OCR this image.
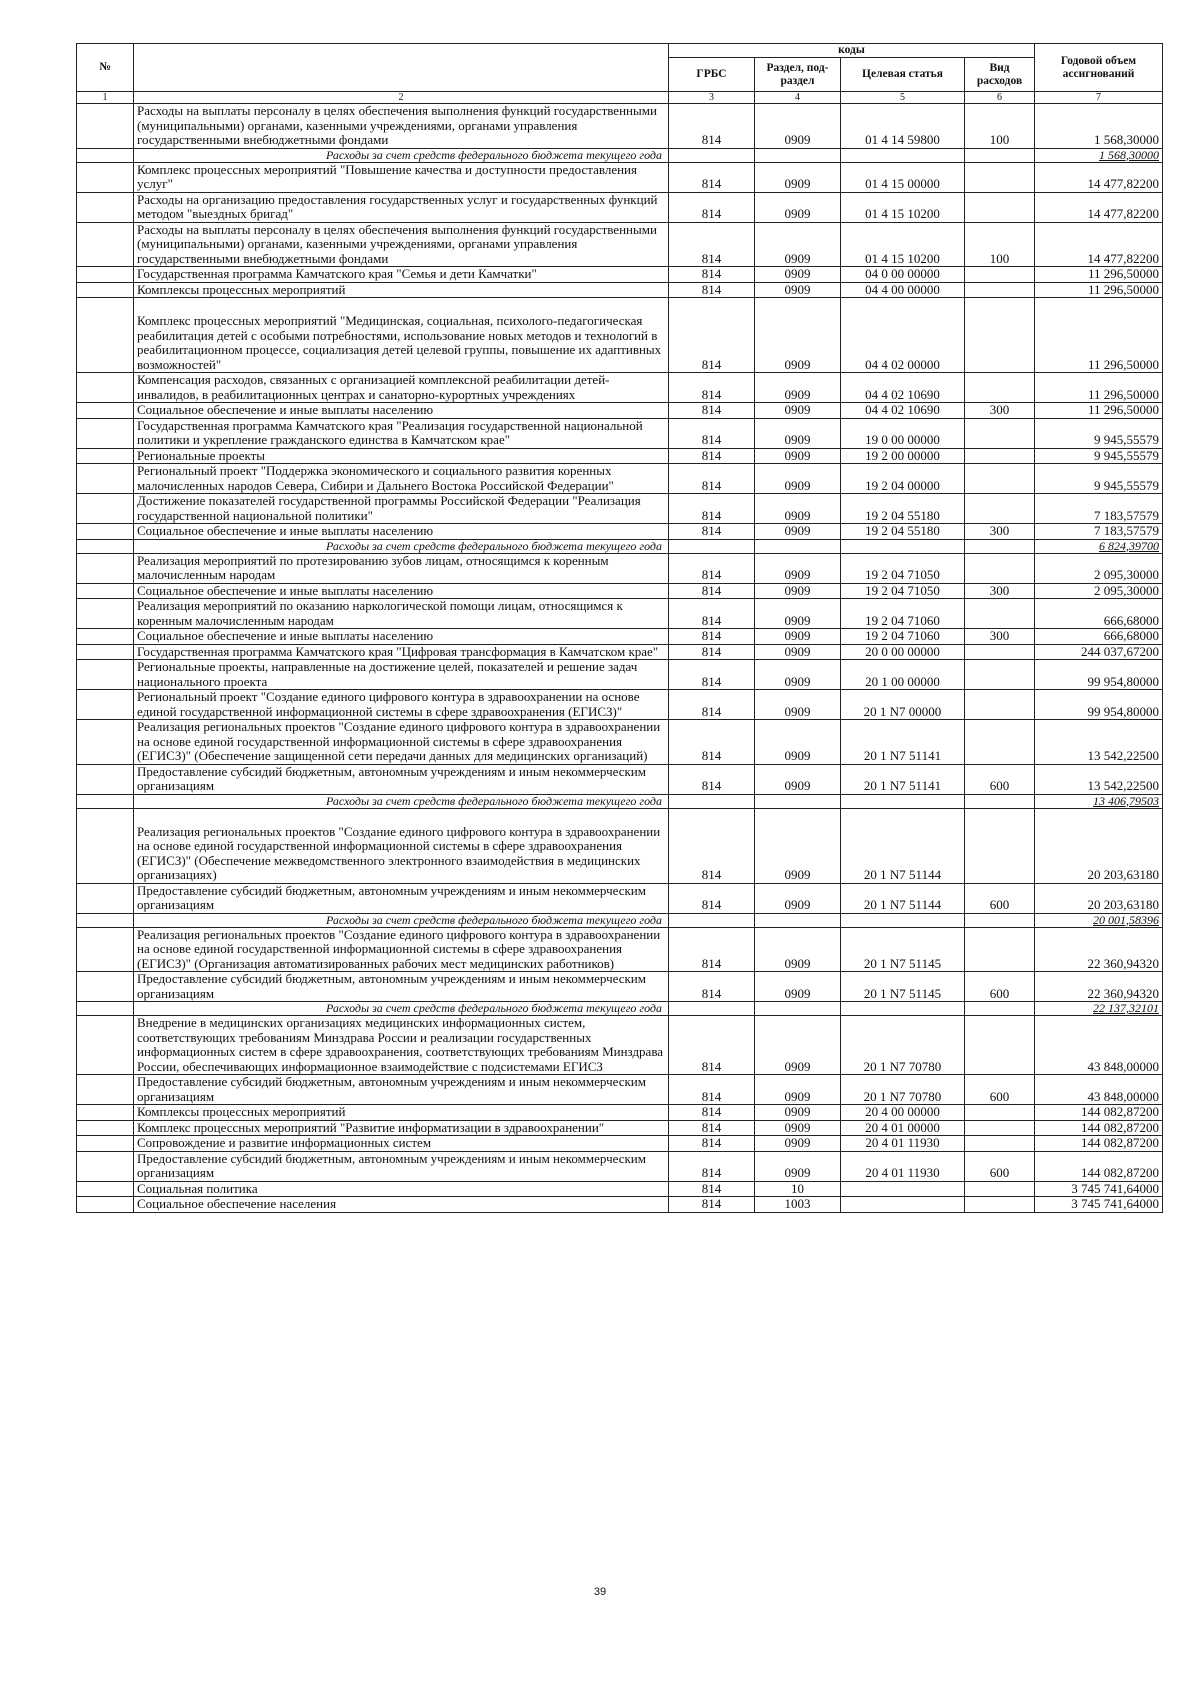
№		коды				Годовой объем ассигнований
		ГРБС	Раздел, под-раздел	Целевая статья	Вид расходов	
1	2	3	4	5	6	7
	Расходы на выплаты персоналу в целях обеспечения выполнения функций государственными (муниципальными) органами, казенными учреждениями, органами управления государственными внебюджетными фондами	814	0909	01 4 14 59800	100	1 568,30000
	Расходы за счет средств федерального бюджета текущего года					1 568,30000
	Комплекс процессных мероприятий "Повышение качества и доступности предоставления услуг"	814	0909	01 4 15 00000		14 477,82200
	Расходы на организацию предоставления государственных услуг и государственных функций методом "выездных бригад"	814	0909	01 4 15 10200		14 477,82200
	Расходы на выплаты персоналу в целях обеспечения выполнения функций государственными (муниципальными) органами, казенными учреждениями, органами управления государственными внебюджетными фондами	814	0909	01 4 15 10200	100	14 477,82200
	Государственная программа Камчатского края "Семья и дети Камчатки"	814	0909	04 0 00 00000		11 296,50000
	Комплексы процессных мероприятий	814	0909	04 4 00 00000		11 296,50000
	Комплекс процессных мероприятий "Медицинская, социальная, психолого-педагогическая реабилитация детей с особыми потребностями, использование новых методов и технологий в реабилитационном процессе, социализация детей целевой группы, повышение их адаптивных возможностей"	814	0909	04 4 02 00000		11 296,50000
	Компенсация расходов, связанных с организацией комплексной реабилитации детей-инвалидов, в реабилитационных центрах и санаторно-курортных учреждениях	814	0909	04 4 02 10690		11 296,50000
	Социальное обеспечение и иные выплаты населению	814	0909	04 4 02 10690	300	11 296,50000
	Государственная программа Камчатского края "Реализация государственной национальной политики и укрепление гражданского единства в Камчатском крае"	814	0909	19 0 00 00000		9 945,55579
	Региональные проекты	814	0909	19 2 00 00000		9 945,55579
	Региональный проект "Поддержка экономического и социального развития коренных малочисленных народов Севера, Сибири и Дальнего Востока Российской Федерации"	814	0909	19 2 04 00000		9 945,55579
	Достижение показателей государственной программы Российской Федерации "Реализация государственной национальной политики"	814	0909	19 2 04 55180		7 183,57579
	Социальное обеспечение и иные выплаты населению	814	0909	19 2 04 55180	300	7 183,57579
	Расходы за счет средств федерального бюджета текущего года					6 824,39700
	Реализация мероприятий по протезированию зубов лицам, относящимся к коренным малочисленным народам	814	0909	19 2 04 71050		2 095,30000
	Социальное обеспечение и иные выплаты населению	814	0909	19 2 04 71050	300	2 095,30000
	Реализация мероприятий по оказанию наркологической помощи лицам, относящимся к коренным малочисленным народам	814	0909	19 2 04 71060		666,68000
	Социальное обеспечение и иные выплаты населению	814	0909	19 2 04 71060	300	666,68000
	Государственная программа Камчатского края "Цифровая трансформация в Камчатском крае"	814	0909	20 0 00 00000		244 037,67200
	Региональные проекты, направленные на достижение целей, показателей и решение задач национального проекта	814	0909	20 1 00 00000		99 954,80000
	Региональный проект "Создание единого цифрового контура в здравоохранении на основе единой государственной информационной системы в сфере здравоохранения (ЕГИСЗ)"	814	0909	20 1 N7 00000		99 954,80000
	Реализация региональных проектов "Создание единого цифрового контура в здравоохранении на основе единой государственной информационной системы в сфере здравоохранения (ЕГИСЗ)" (Обеспечение защищенной сети передачи данных для медицинских организаций)	814	0909	20 1 N7 51141		13 542,22500
	Предоставление субсидий бюджетным, автономным учреждениям и иным некоммерческим организациям	814	0909	20 1 N7 51141	600	13 542,22500
	Расходы за счет средств федерального бюджета текущего года					13 406,79503
	Реализация региональных проектов "Создание единого цифрового контура в здравоохранении на основе единой государственной информационной системы в сфере здравоохранения (ЕГИСЗ)" (Обеспечение межведомственного электронного взаимодействия в медицинских организациях)	814	0909	20 1 N7 51144		20 203,63180
	Предоставление субсидий бюджетным, автономным учреждениям и иным некоммерческим организациям	814	0909	20 1 N7 51144	600	20 203,63180
	Расходы за счет средств федерального бюджета текущего года					20 001,58396
	Реализация региональных проектов "Создание единого цифрового контура в здравоохранении на основе единой государственной информационной системы в сфере здравоохранения (ЕГИСЗ)" (Организация автоматизированных рабочих мест медицинских работников)	814	0909	20 1 N7 51145		22 360,94320
	Предоставление субсидий бюджетным, автономным учреждениям и иным некоммерческим организациям	814	0909	20 1 N7 51145	600	22 360,94320
	Расходы за счет средств федерального бюджета текущего года					22 137,32101
	Внедрение в медицинских организациях медицинских информационных систем, соответствующих требованиям Минздрава России и реализации государственных информационных систем в сфере здравоохранения, соответствующих требованиям Минздрава России, обеспечивающих информационное взаимодействие с подсистемами ЕГИСЗ	814	0909	20 1 N7 70780		43 848,00000
	Предоставление субсидий бюджетным, автономным учреждениям и иным некоммерческим организациям	814	0909	20 1 N7 70780	600	43 848,00000
	Комплексы процессных мероприятий	814	0909	20 4 00 00000		144 082,87200
	Комплекс процессных мероприятий "Развитие информатизации в здравоохранении"	814	0909	20 4 01 00000		144 082,87200
	Сопровождение и развитие информационных систем	814	0909	20 4 01 11930		144 082,87200
	Предоставление субсидий бюджетным, автономным учреждениям и иным некоммерческим организациям	814	0909	20 4 01 11930	600	144 082,87200
	Социальная политика	814	10			3 745 741,64000
	Социальное обеспечение населения	814	1003			3 745 741,64000
39
